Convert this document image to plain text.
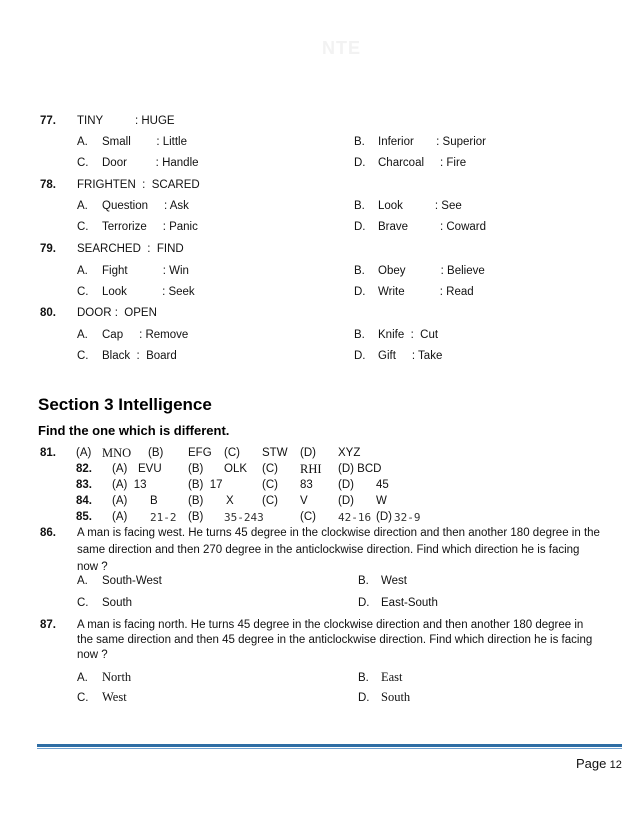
NTE
77. TINY          : HUGE
A. Small        : Little	B. Inferior       : Superior
C. Door         : Handle	D. Charcoal     : Fire
78. FRIGHTEN  :  SCARED
A. Question     : Ask	B. Look          : See
C. Terrorize     : Panic	D. Brave          : Coward
79. SEARCHED  :  FIND
A. Fight           : Win	B. Obey           : Believe
C. Look           : Seek	D. Write           : Read
80. DOOR :  OPEN
A. Cap     : Remove	B. Knife  :  Cut
C. Black  :  Board	D. Gift     : Take
Section 3 Intelligence
Find the one which is different.
81. (A) MNO (B) EFG (C) STW (D) XYZ
82. (A) EVU (B) OLK (C) RHI (D) BCD
83. (A)  13	(B)  17	(C) 83 (D) 45
84. (A) B	(B) X (C) V	(D) W
85. (A) 21-2 (B) 35-243	(C) 42-16 (D) 32-9
86. A man is facing west. He turns 45 degree in the clockwise direction and then another 180 degree in the
same direction and then 270 degree in the anticlockwise direction. Find which direction he is facing
now ?
A. South-West	B. West
C. South	D. East-South
87. A man is facing north. He turns 45 degree in the clockwise direction and then another 180 degree in
the same direction and then 45 degree in the anticlockwise direction. Find which direction he is facing
now ?
A. North	B. East
C. West	D. South
Page 12
